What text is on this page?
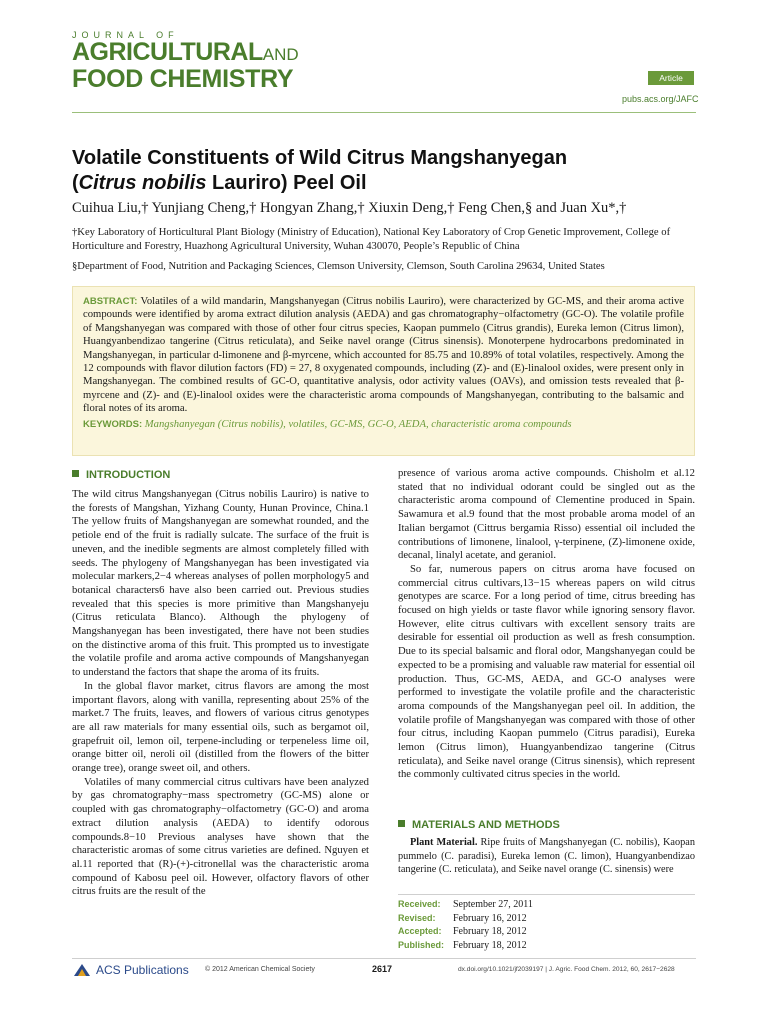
JOURNAL OF
AGRICULTURALAND
FOOD CHEMISTRY	Article
pubs.acs.org/JAFC
Volatile Constituents of Wild Citrus Mangshanyegan
(Citrus nobilis Lauriro) Peel Oil
Cuihua Liu,† Yunjiang Cheng,† Hongyan Zhang,† Xiuxin Deng,† Feng Chen,§ and Juan Xu*,†
†Key Laboratory of Horticultural Plant Biology (Ministry of Education), National Key Laboratory of Crop Genetic Improvement, College of Horticulture and Forestry, Huazhong Agricultural University, Wuhan 430070, People’s Republic of China
§Department of Food, Nutrition and Packaging Sciences, Clemson University, Clemson, South Carolina 29634, United States
ABSTRACT: Volatiles of a wild mandarin, Mangshanyegan (Citrus nobilis Lauriro), were characterized by GC-MS, and their aroma active compounds were identified by aroma extract dilution analysis (AEDA) and gas chromatography−olfactometry (GC-O). The volatile profile of Mangshanyegan was compared with those of other four citrus species, Kaopan pummelo (Citrus grandis), Eureka lemon (Citrus limon), Huangyanbendizao tangerine (Citrus reticulata), and Seike navel orange (Citrus sinensis). Monoterpene hydrocarbons predominated in Mangshanyegan, in particular d-limonene and β-myrcene, which accounted for 85.75 and 10.89% of total volatiles, respectively. Among the 12 compounds with flavor dilution factors (FD) = 27, 8 oxygenated compounds, including (Z)- and (E)-linalool oxides, were present only in Mangshanyegan. The combined results of GC-O, quantitative analysis, odor activity values (OAVs), and omission tests revealed that β-myrcene and (Z)- and (E)-linalool oxides were the characteristic aroma compounds of Mangshanyegan, contributing to the balsamic and floral notes of its aroma.
KEYWORDS: Mangshanyegan (Citrus nobilis), volatiles, GC-MS, GC-O, AEDA, characteristic aroma compounds
INTRODUCTION

The wild citrus Mangshanyegan (Citrus nobilis Lauriro) is native to the forests of Mangshan, Yizhang County, Hunan Province, China.1 The yellow fruits of Mangshanyegan are somewhat rounded, and the petiole end of the fruit is radially sulcate. The surface of the fruit is uneven, and the inedible segments are almost completely filled with seeds. The phylogeny of Mangshanyegan has been investigated via molecular markers,2−4 whereas analyses of pollen morphology5 and botanical characters6 have also been carried out. Previous studies revealed that this species is more primitive than Mangshanyeju (Citrus reticulata Blanco). Although the phylogeny of Mangshanyegan has been investigated, there have not been studies on the distinctive aroma of this fruit. This prompted us to investigate the volatile profile and aroma active compounds of Mangshanyegan to understand the factors that shape the aroma of its fruits.

In the global flavor market, citrus flavors are among the most important flavors, along with vanilla, representing about 25% of the market.7 The fruits, leaves, and flowers of various citrus genotypes are all raw materials for many essential oils, such as bergamot oil, grapefruit oil, lemon oil, terpene-including or terpeneless lime oil, orange bitter oil, neroli oil (distilled from the flowers of the bitter orange tree), orange sweet oil, and others.

Volatiles of many commercial citrus cultivars have been analyzed by gas chromatography−mass spectrometry (GC-MS) alone or coupled with gas chromatography−olfactometry (GC-O) and aroma extract dilution analysis (AEDA) to identify odorous compounds.8−10 Previous analyses have shown that the characteristic aromas of some citrus varieties are defined. Nguyen et al.11 reported that (R)-(+)-citronellal was the characteristic aroma compound of Kabosu peel oil. However, olfactory flavors of other citrus fruits are the result of the

presence of various aroma active compounds. Chisholm et al.12 stated that no individual odorant could be singled out as the characteristic aroma compound of Clementine produced in Spain. Sawamura et al.9 found that the most probable aroma model of an Italian bergamot (Cittrus bergamia Risso) essential oil included the contributions of limonene, linalool, γ-terpinene, (Z)-limonene oxide, decanal, linalyl acetate, and geraniol.

So far, numerous papers on citrus aroma have focused on commercial citrus cultivars,13−15 whereas papers on wild citrus genotypes are scarce. For a long period of time, citrus breeding has focused on high yields or taste flavor while ignoring sensory flavor. However, elite citrus cultivars with excellent sensory traits are desirable for essential oil production as well as fresh consumption. Due to its special balsamic and floral odor, Mangshanyegan could be expected to be a promising and valuable raw material for essential oil production. Thus, GC-MS, AEDA, and GC-O analyses were performed to investigate the volatile profile and the characteristic aroma compounds of the Mangshanyegan peel oil. In addition, the volatile profile of Mangshanyegan was compared with those of other four citrus, including Kaopan pummelo (Citrus paradisi), Eureka lemon (Citrus limon), Huangyanbendizao tangerine (Citrus reticulata), and Seike navel orange (Citrus sinensis), which represent the commonly cultivated citrus species in the world.

MATERIALS AND METHODS

Plant Material. Ripe fruits of Mangshanyegan (C. nobilis), Kaopan pummelo (C. paradisi), Eureka lemon (C. limon), Huangyanbendizao tangerine (C. reticulata), and Seike navel orange (C. sinensis) were

Received: September 27, 2011
Revised: February 16, 2012
Accepted: February 18, 2012
Published: February 18, 2012
ACS Publications © 2012 American Chemical Society	2617	dx.doi.org/10.1021/jf2039197 | J. Agric. Food Chem. 2012, 60, 2617−2628
